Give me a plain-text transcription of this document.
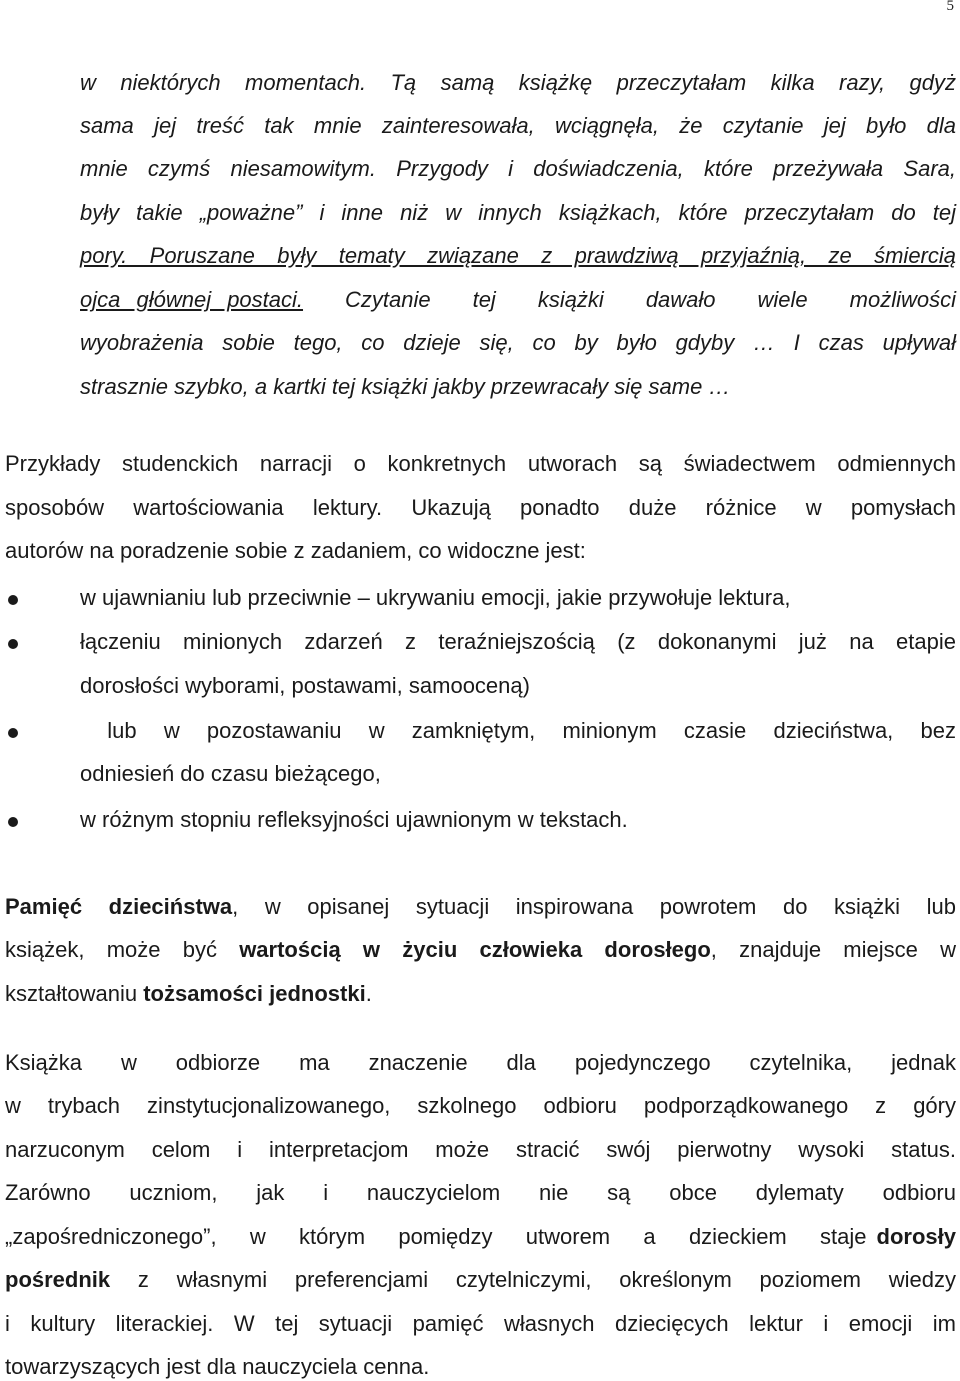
5
w niektórych momentach. Tą samą książkę przeczytałam kilka razy, gdyż
sama jej treść tak mnie zainteresowała, wciągnęła, że czytanie jej było dla
mnie czymś niesamowitym. Przygody i doświadczenia, które przeżywała Sara,
były takie „poważne” i inne niż w innych książkach, które przeczytałam do tej
pory. Poruszane były tematy związane z prawdziwą przyjaźnią, ze śmiercią
ojca głównej postaci. Czytanie tej książki dawało wiele możliwości
wyobrażenia sobie tego, co dzieje się, co by było gdyby … I czas upływał
strasznie szybko, a kartki tej książki jakby przewracały się same …
Przykłady studenckich narracji o konkretnych utworach są świadectwem odmiennych
sposobów wartościowania lektury. Ukazują ponadto duże różnice w pomysłach
autorów na poradzenie sobie z zadaniem, co widoczne jest:
w ujawnianiu lub przeciwnie – ukrywaniu emocji, jakie przywołuje lektura,
łączeniu minionych zdarzeń z teraźniejszością (z dokonanymi już na etapie
dorosłości wyborami, postawami, samooceną)
lub w pozostawaniu w zamkniętym, minionym czasie dzieciństwa, bez
odniesień do czasu bieżącego,
w różnym stopniu refleksyjności ujawnionym w tekstach.
Pamięć dzieciństwa, w opisanej sytuacji inspirowana powrotem do książki lub
książek, może być wartością w życiu człowieka dorosłego, znajduje miejsce w
kształtowaniu tożsamości jednostki.
Książka w odbiorze ma znaczenie dla pojedynczego czytelnika, jednak
w trybach zinstytucjonalizowanego, szkolnego odbioru podporządkowanego z góry
narzuconym celom i interpretacjom może stracić swój pierwotny wysoki status.
Zarówno uczniom, jak i nauczycielom nie są obce dylematy odbioru
„zapośredniczonego”, w którym pomiędzy utworem a dzieckiem staje dorosły
pośrednik z własnymi preferencjami czytelniczymi, określonym poziomem wiedzy
i kultury literackiej. W tej sytuacji pamięć własnych dziecięcych lektur i emocji im
towarzyszących jest dla nauczyciela cenna.
